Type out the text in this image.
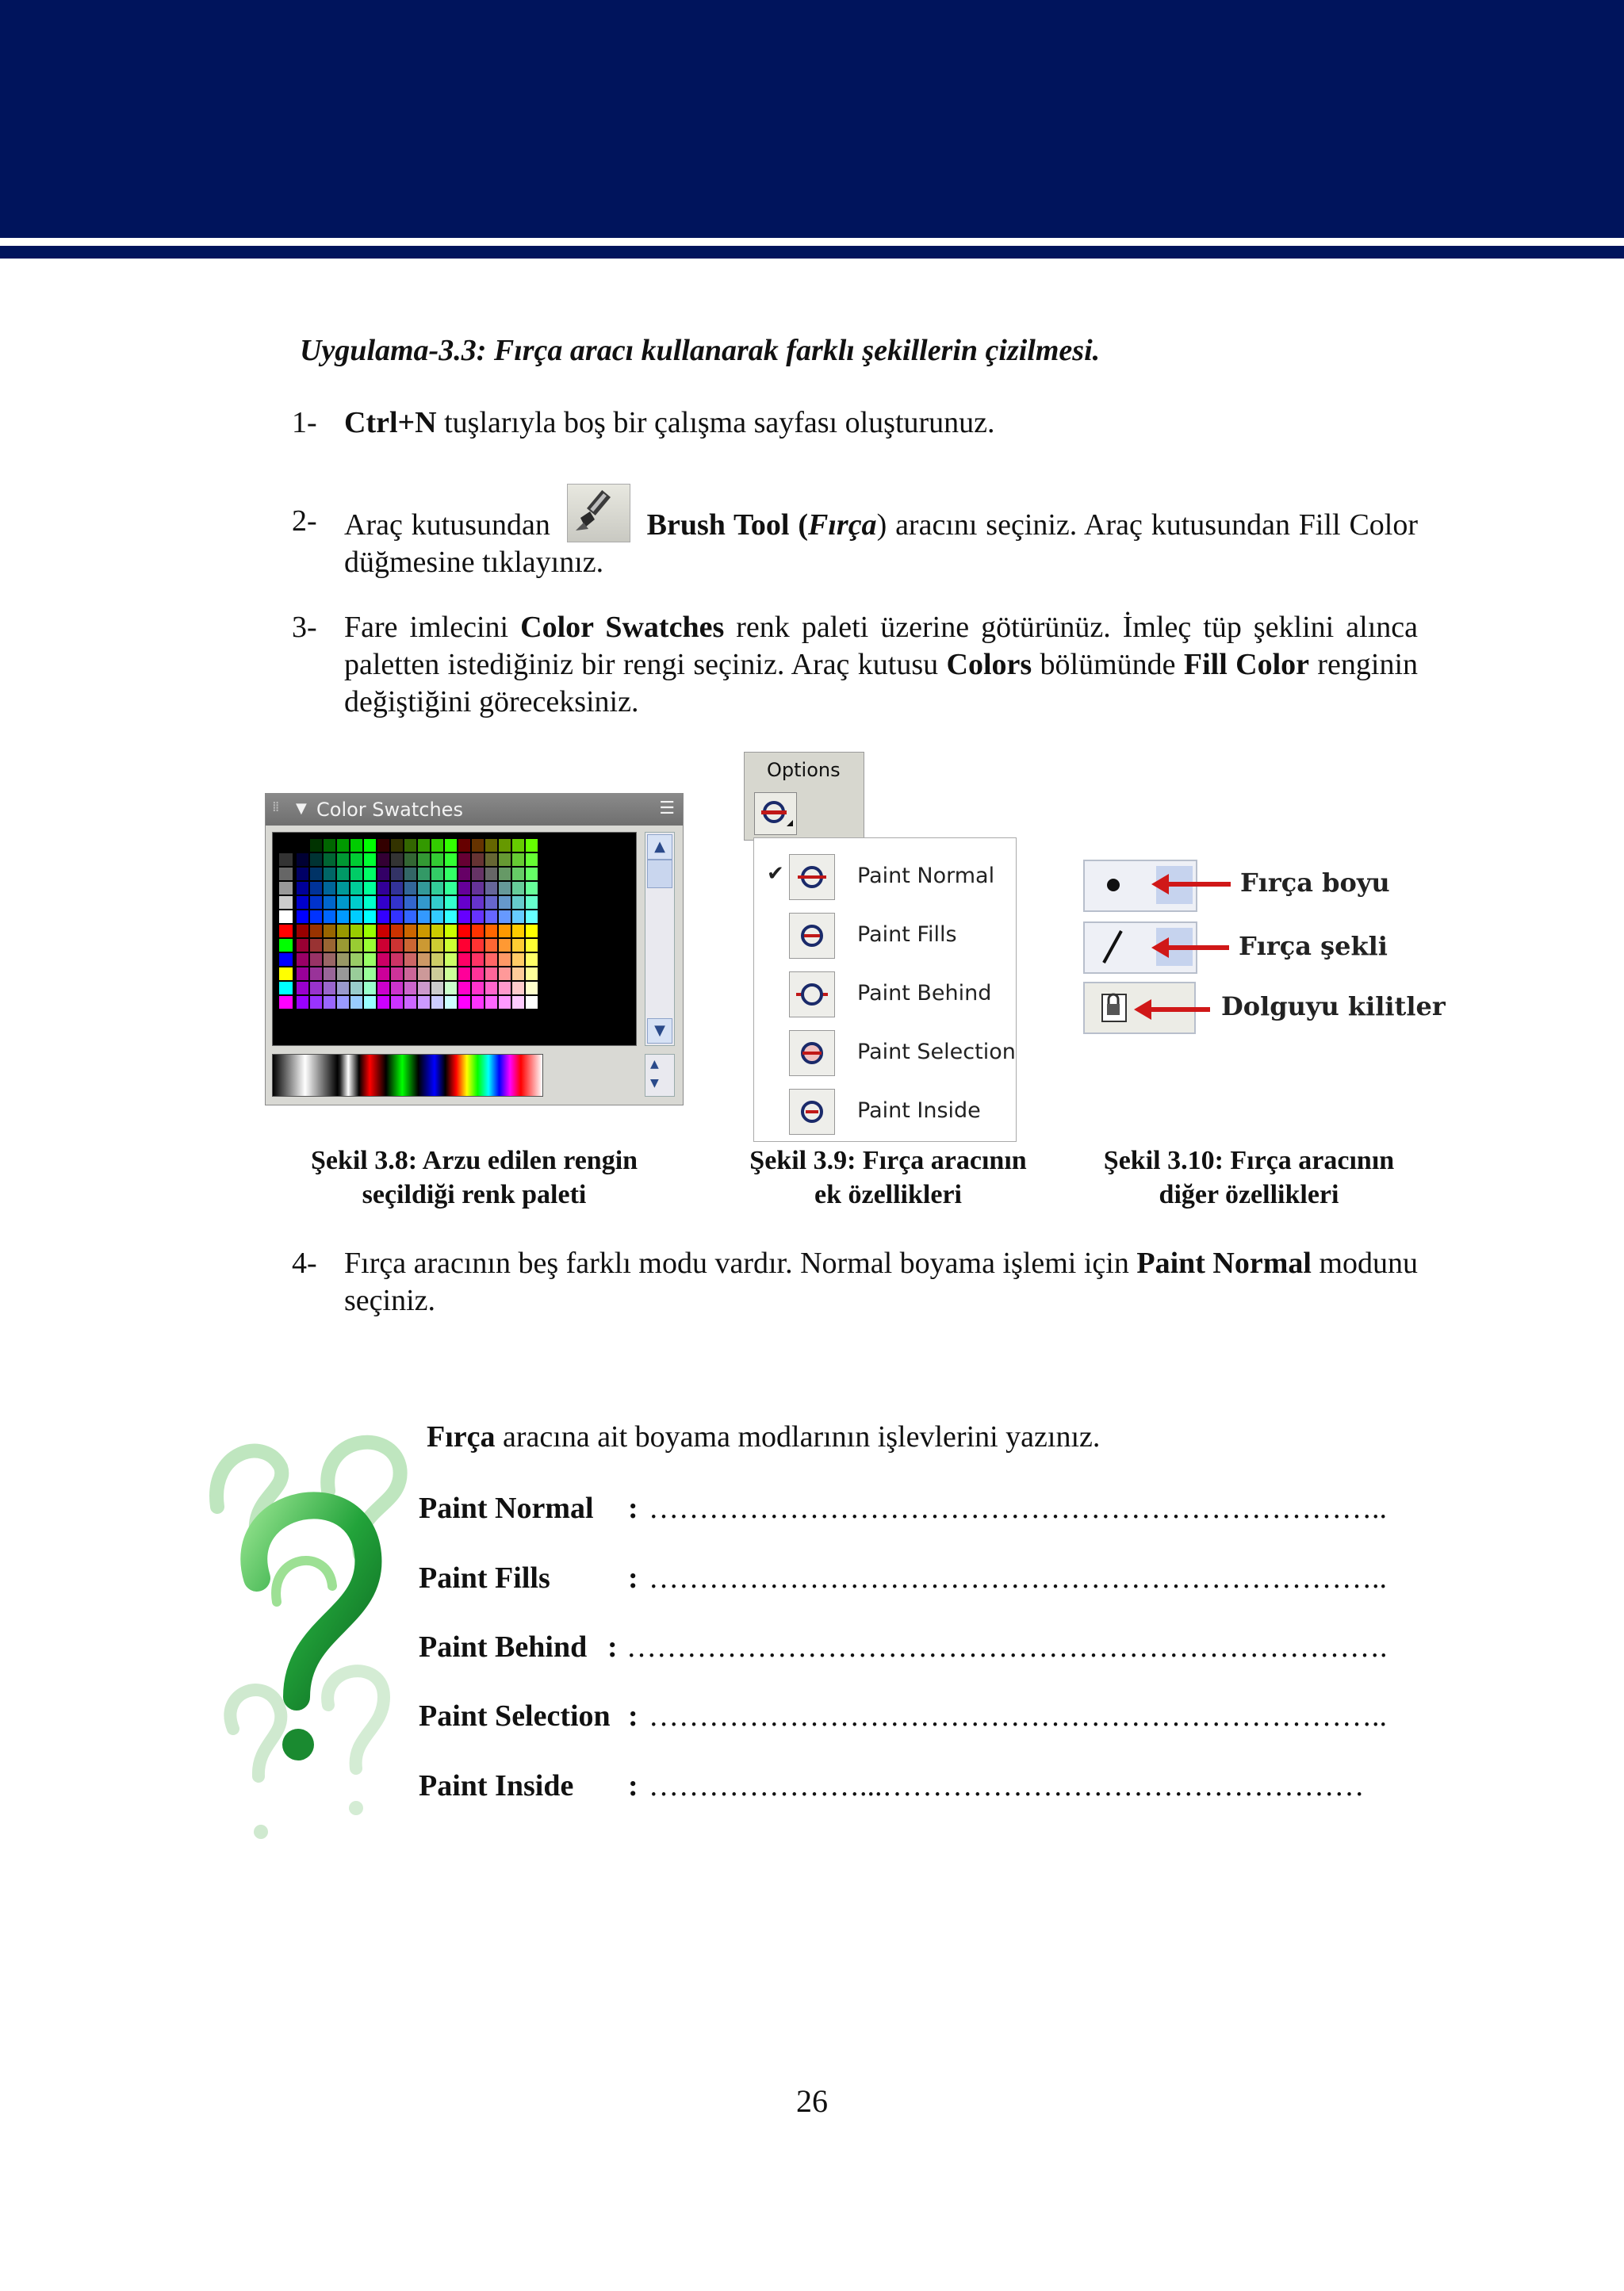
Uygulama-3.3: Fırça aracı kullanarak farklı şekillerin çizilmesi.
1- Ctrl+N tuşlarıyla boş bir çalışma sayfası oluşturunuz.
2- Araç kutusundan	Brush Tool (Fırça) aracını seçiniz. Araç kutusundan Fill Color düğmesine tıklayınız.
3- Fare imlecini Color Swatches renk paleti üzerine götürünüz. İmleç tüp şeklini alınca paletten istediğiniz bir rengi seçiniz. Araç kutusu Colors bölümünde Fill Color renginin değiştiğini göreceksiniz.
⁞⁞ ▼ Color Swatches	☰
▲
▼
▲
▼
Options
✔	Paint Normal
Paint Fills
Paint Behind
Paint Selection
Paint Inside
Fırça boyu
Fırça şekli
Dolguyu kilitler
Şekil 3.8: Arzu edilen rengin
seçildiği renk paleti
Şekil 3.9: Fırça aracının
ek özellikleri
Şekil 3.10: Fırça aracının
diğer özellikleri
4- Fırça aracının beş farklı modu vardır. Normal boyama işlemi için Paint Normal modunu seçiniz.
Fırça aracına ait boyama modlarının işlevlerini yazınız.
Paint Normal : ………………………………………………………………..
Paint Fills	: ………………………………………………………………..
Paint Behind : ………………………………………………………………….
Paint Selection : ………………………………………………………………..
Paint Inside : …………………...…………………………………………
26
